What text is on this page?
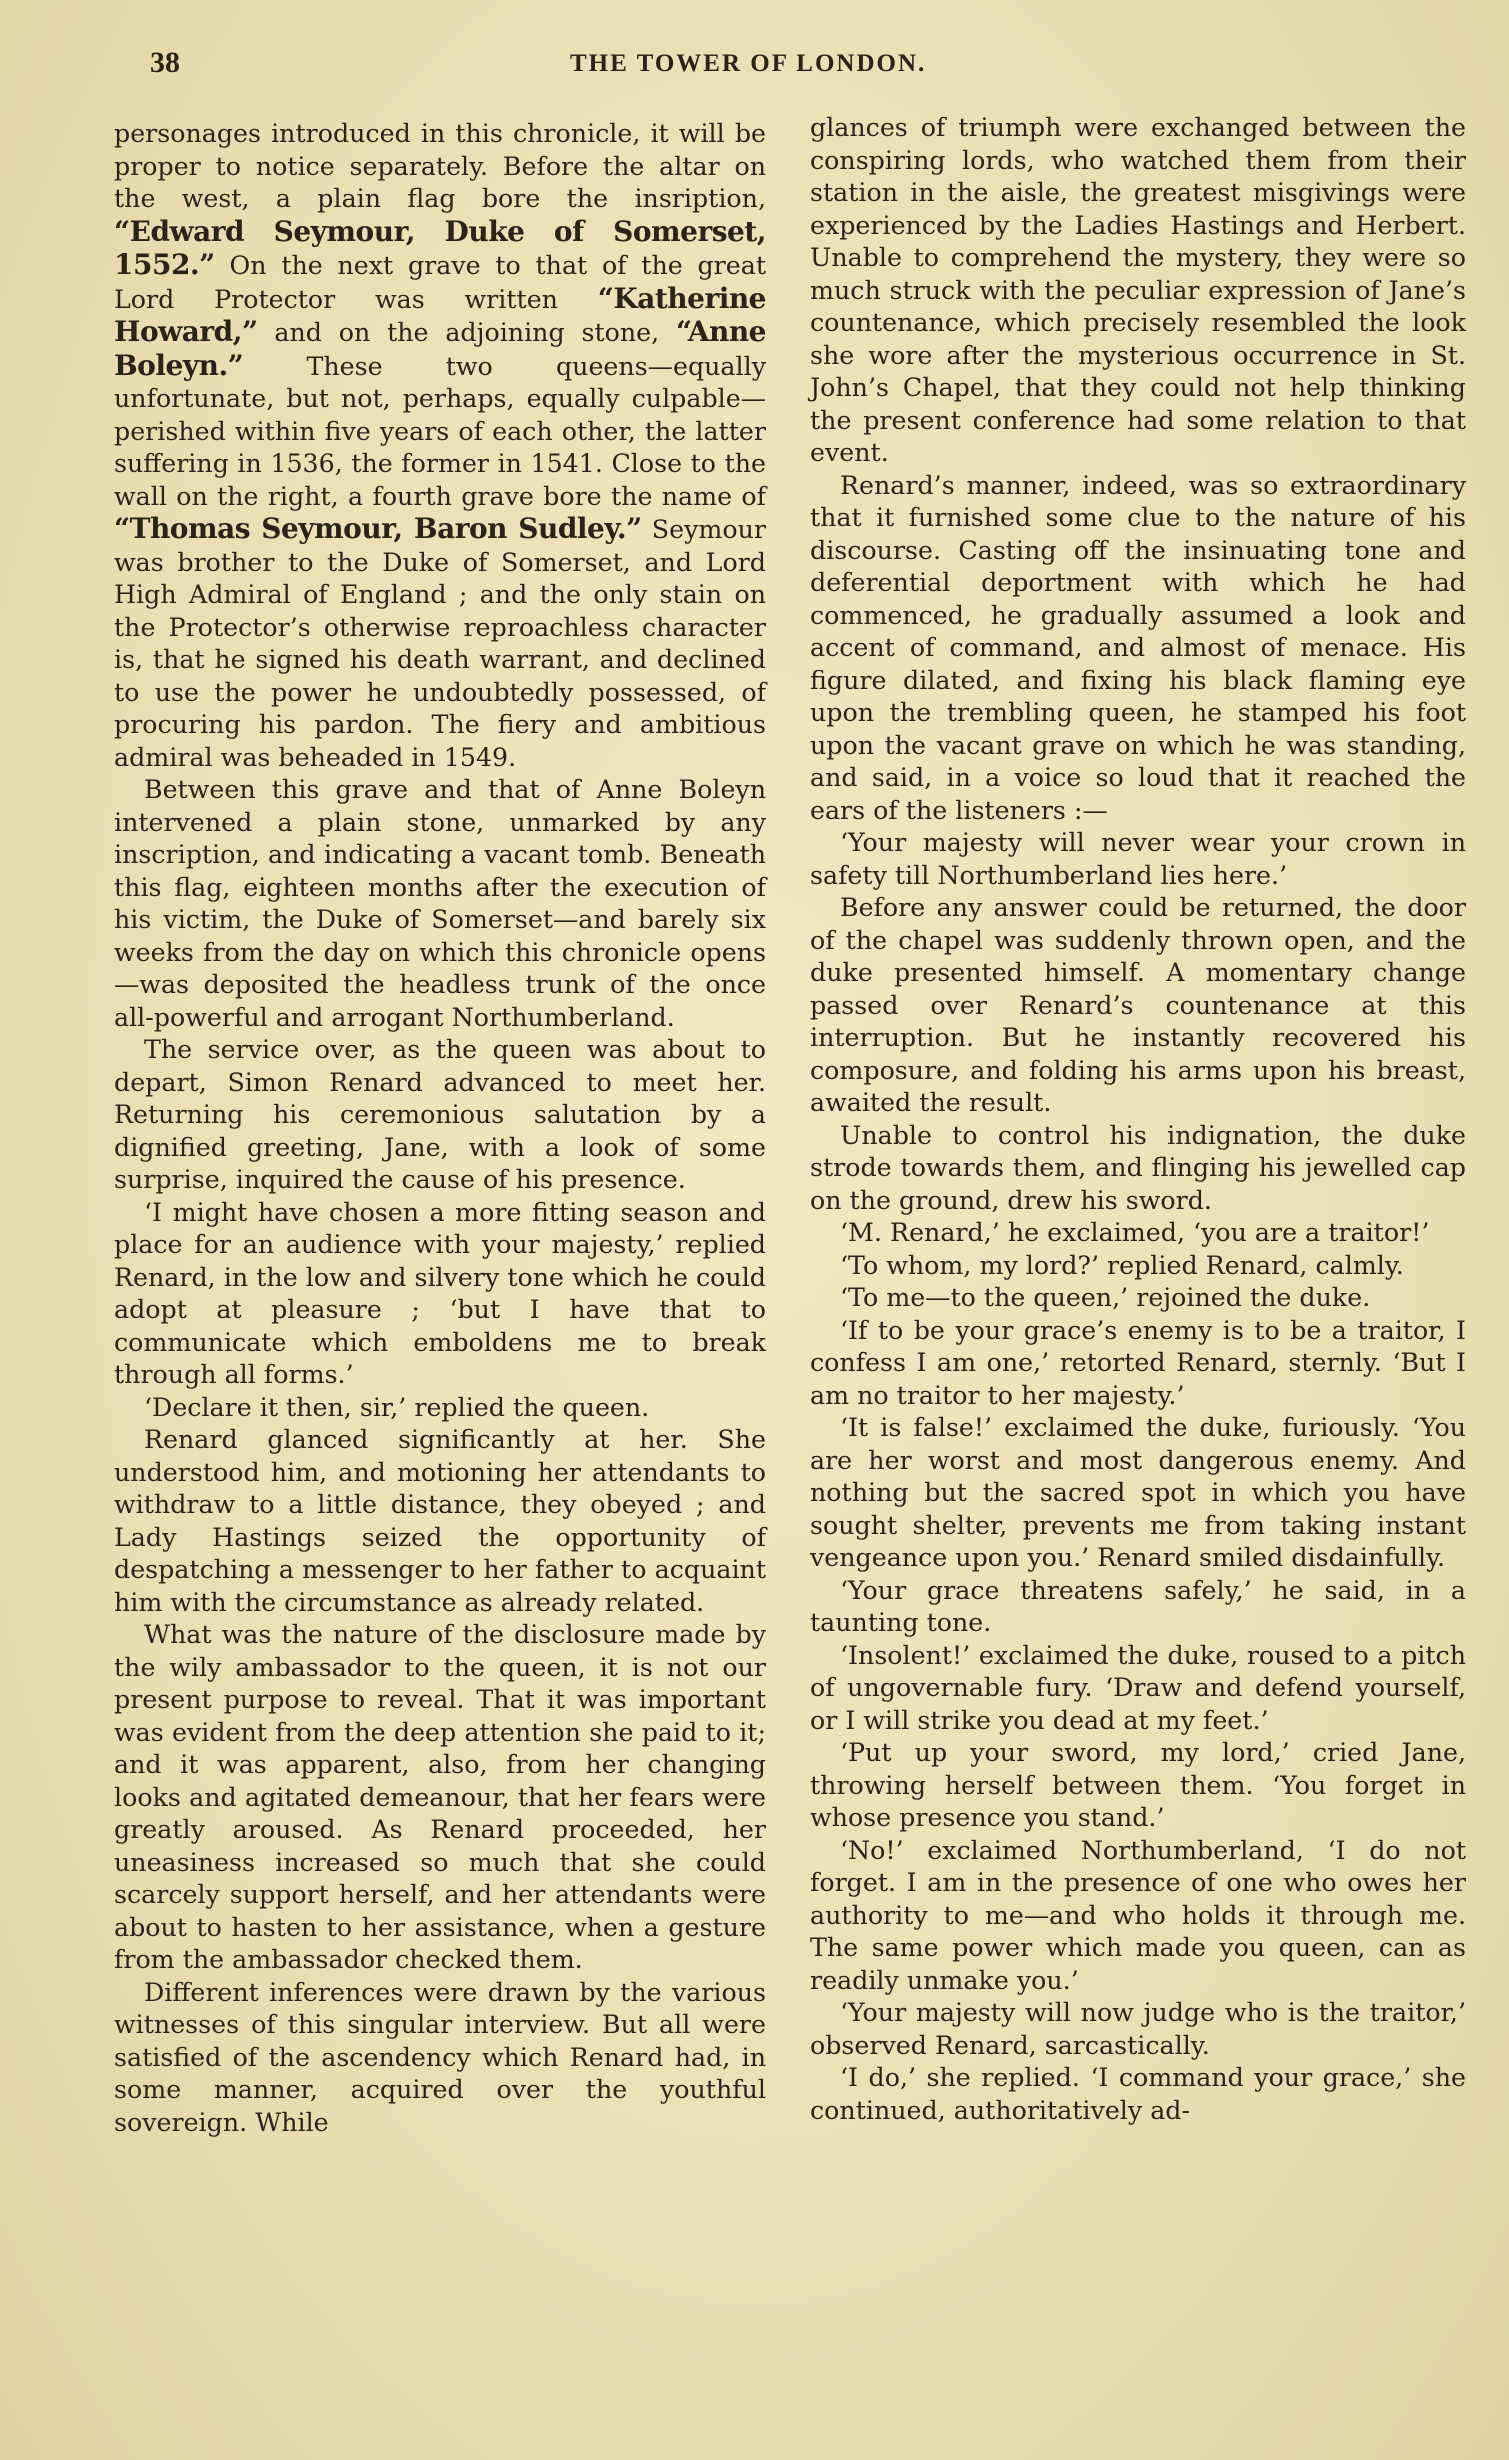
38	THE TOWER OF LONDON.

personages introduced in this chronicle, it will be proper to notice separately. Before the altar on the west, a plain flag bore the insription, “Edward Seymour, Duke of Somerset, 1552.” On the next grave to that of the great Lord Protector was written “Katherine Howard,” and on the adjoining stone, “Anne Boleyn.” These two queens—equally unfortunate, but not, perhaps, equally culpable—perished within five years of each other, the latter suffering in 1536, the former in 1541. Close to the wall on the right, a fourth grave bore the name of “Thomas Seymour, Baron Sudley.” Seymour was brother to the Duke of Somerset, and Lord High Admiral of England ; and the only stain on the Protector’s otherwise reproachless character is, that he signed his death warrant, and declined to use the power he undoubtedly possessed, of procuring his pardon. The fiery and ambitious admiral was beheaded in 1549.

Between this grave and that of Anne Boleyn intervened a plain stone, unmarked by any inscription, and indicating a vacant tomb. Beneath this flag, eighteen months after the execution of his victim, the Duke of Somerset—and barely six weeks from the day on which this chronicle opens—was deposited the headless trunk of the once all-powerful and arrogant Northumberland.

The service over, as the queen was about to depart, Simon Renard advanced to meet her. Returning his ceremonious salutation by a dignified greeting, Jane, with a look of some surprise, inquired the cause of his presence.

‘I might have chosen a more fitting season and place for an audience with your majesty,’ replied Renard, in the low and silvery tone which he could adopt at pleasure ; ‘but I have that to communicate which emboldens me to break through all forms.’

‘Declare it then, sir,’ replied the queen.

Renard glanced significantly at her. She understood him, and motioning her attendants to withdraw to a little distance, they obeyed ; and Lady Hastings seized the opportunity of despatching a messenger to her father to acquaint him with the circumstance as already related.

What was the nature of the disclosure made by the wily ambassador to the queen, it is not our present purpose to reveal. That it was important was evident from the deep attention she paid to it; and it was apparent, also, from her changing looks and agitated demeanour, that her fears were greatly aroused. As Renard proceeded, her uneasiness increased so much that she could scarcely support herself, and her attendants were about to hasten to her assistance, when a gesture from the ambassador checked them.

Different inferences were drawn by the various witnesses of this singular interview. But all were satisfied of the ascendency which Renard had, in some manner, acquired over the youthful sovereign. While

glances of triumph were exchanged between the conspiring lords, who watched them from their station in the aisle, the greatest misgivings were experienced by the Ladies Hastings and Herbert. Unable to comprehend the mystery, they were so much struck with the peculiar expression of Jane’s countenance, which precisely resembled the look she wore after the mysterious occurrence in St. John’s Chapel, that they could not help thinking the present conference had some relation to that event.

Renard’s manner, indeed, was so extraordinary that it furnished some clue to the nature of his discourse. Casting off the insinuating tone and deferential deportment with which he had commenced, he gradually assumed a look and accent of command, and almost of menace. His figure dilated, and fixing his black flaming eye upon the trembling queen, he stamped his foot upon the vacant grave on which he was standing, and said, in a voice so loud that it reached the ears of the listeners :—

‘Your majesty will never wear your crown in safety till Northumberland lies here.’

Before any answer could be returned, the door of the chapel was suddenly thrown open, and the duke presented himself. A momentary change passed over Renard’s countenance at this interruption. But he instantly recovered his composure, and folding his arms upon his breast, awaited the result.

Unable to control his indignation, the duke strode towards them, and flinging his jewelled cap on the ground, drew his sword.

‘M. Renard,’ he exclaimed, ‘you are a traitor!’

‘To whom, my lord?’ replied Renard, calmly.

‘To me—to the queen,’ rejoined the duke.

‘If to be your grace’s enemy is to be a traitor, I confess I am one,’ retorted Renard, sternly. ‘But I am no traitor to her majesty.’

‘It is false!’ exclaimed the duke, furiously. ‘You are her worst and most dangerous enemy. And nothing but the sacred spot in which you have sought shelter, prevents me from taking instant vengeance upon you.’ Renard smiled disdainfully.

‘Your grace threatens safely,’ he said, in a taunting tone.

‘Insolent!’ exclaimed the duke, roused to a pitch of ungovernable fury. ‘Draw and defend yourself, or I will strike you dead at my feet.’

‘Put up your sword, my lord,’ cried Jane, throwing herself between them. ‘You forget in whose presence you stand.’

‘No!’ exclaimed Northumberland, ‘I do not forget. I am in the presence of one who owes her authority to me—and who holds it through me. The same power which made you queen, can as readily unmake you.’

‘Your majesty will now judge who is the traitor,’ observed Renard, sarcastically.

‘I do,’ she replied. ‘I command your grace,’ she continued, authoritatively ad-
